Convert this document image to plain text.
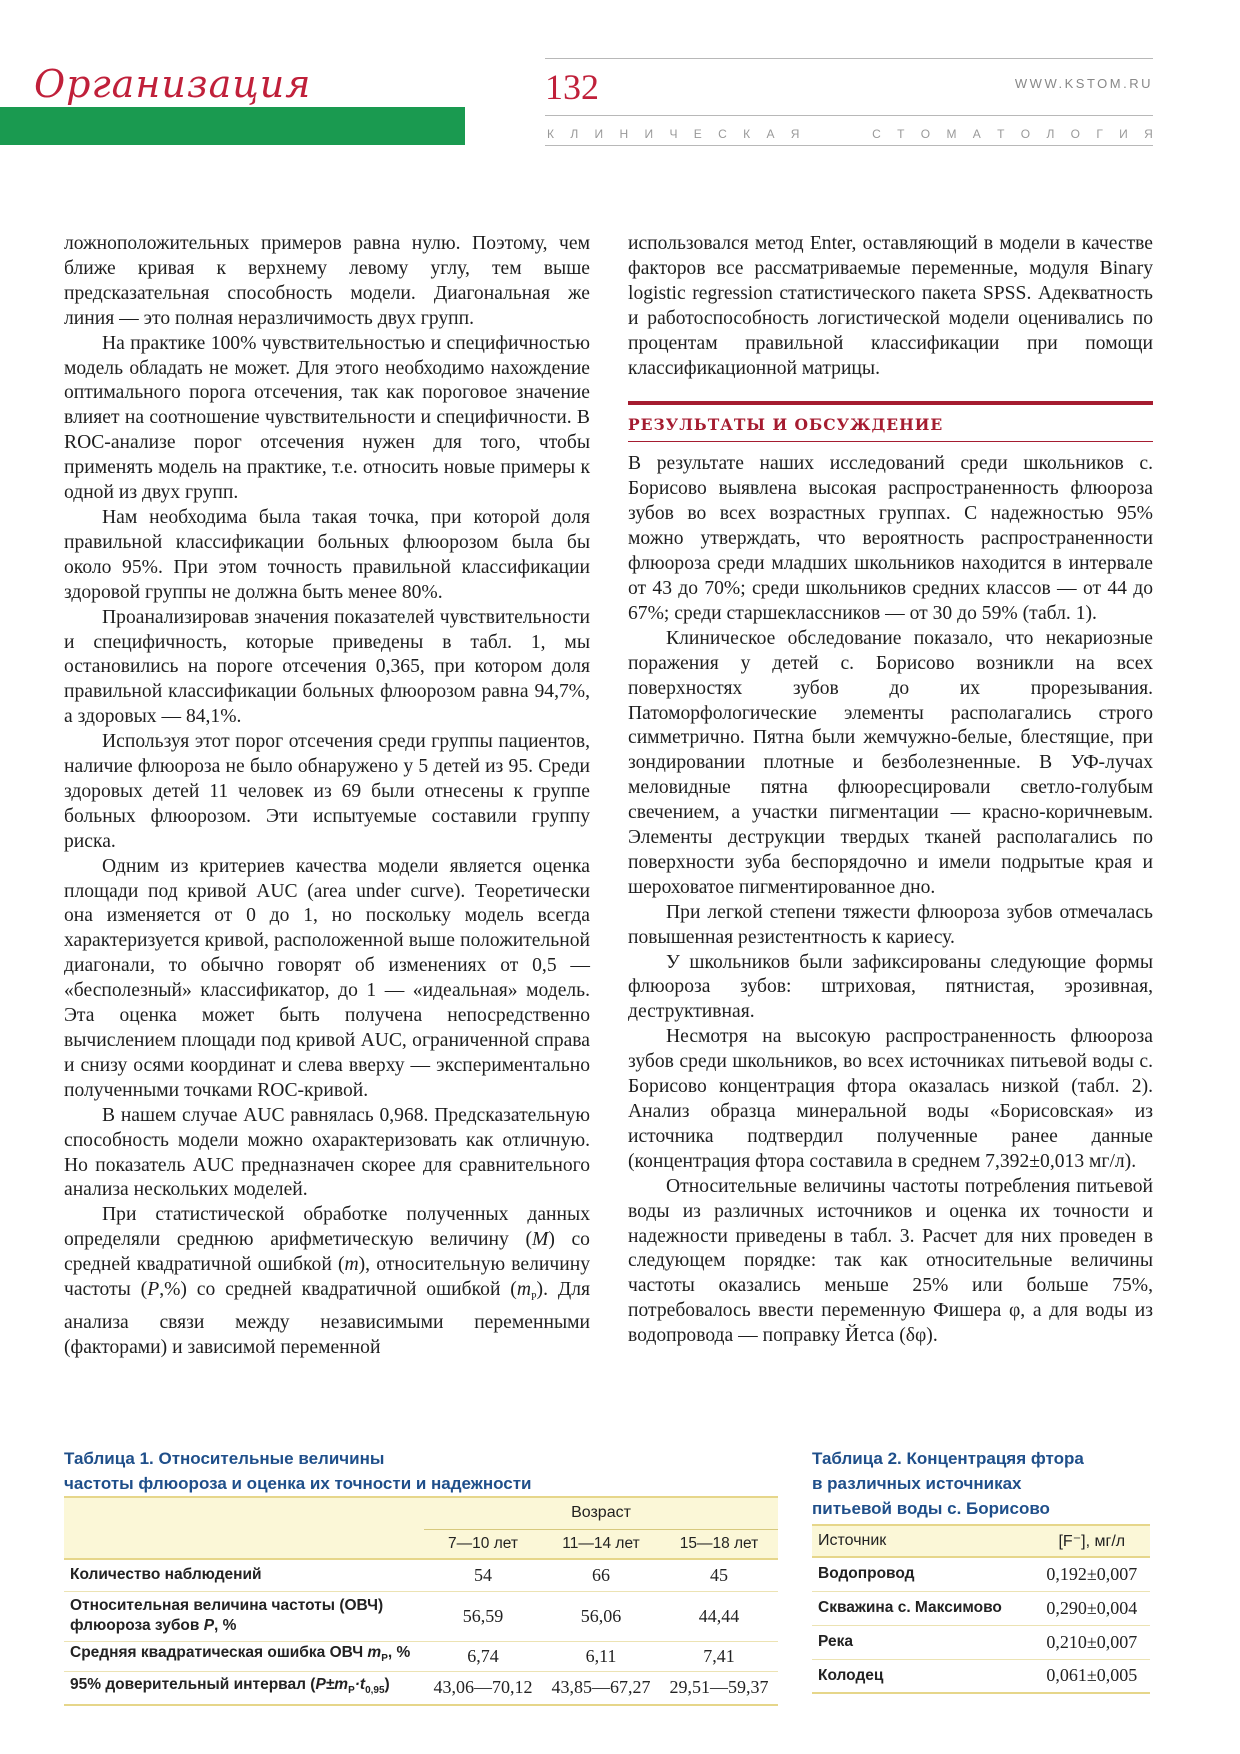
Организация	132	WWW.KSTOM.RU
К Л И Н И Ч Е С К А Я	С Т О М А Т О Л О Г И Я

ложноположительных примеров равна нулю. Поэтому, чем ближе кривая к верхнему левому углу, тем выше предсказательная способность модели. Диагональная же линия — это полная неразличимость двух групп.

На практике 100% чувствительностью и специфичностью модель обладать не может. Для этого необходимо нахождение оптимального порога отсечения, так как пороговое значение влияет на соотношение чувствительности и специфичности. В ROC-анализе порог отсечения нужен для того, чтобы применять модель на практике, т.е. относить новые примеры к одной из двух групп.

Нам необходима была такая точка, при которой доля правильной классификации больных флюорозом была бы около 95%. При этом точность правильной классификации здоровой группы не должна быть менее 80%.

Проанализировав значения показателей чувствительности и специфичность, которые приведены в табл. 1, мы остановились на пороге отсечения 0,365, при котором доля правильной классификации больных флюорозом равна 94,7%, а здоровых — 84,1%.

Используя этот порог отсечения среди группы пациентов, наличие флюороза не было обнаружено у 5 детей из 95. Среди здоровых детей 11 человек из 69 были отнесены к группе больных флюорозом. Эти испытуемые составили группу риска.

Одним из критериев качества модели является оценка площади под кривой AUC (area under curve). Теоретически она изменяется от 0 до 1, но поскольку модель всегда характеризуется кривой, расположенной выше положительной диагонали, то обычно говорят об изменениях от 0,5 — «бесполезный» классификатор, до 1 — «идеальная» модель. Эта оценка может быть получена непосредственно вычислением площади под кривой AUC, ограниченной справа и снизу осями координат и слева вверху — экспериментально полученными точками ROC-кривой.

В нашем случае AUC равнялась 0,968. Предсказательную способность модели можно охарактеризовать как отличную. Но показатель AUC предназначен скорее для сравнительного анализа нескольких моделей.

При статистической обработке полученных данных определяли среднюю арифметическую величину (M) со средней квадратичной ошибкой (m), относительную величину частоты (P,%) со средней квадратичной ошибкой $(m_P)$. Для анализа связи между независимыми переменными (факторами) и зависимой переменной

использовался метод Enter, оставляющий в модели в качестве факторов все рассматриваемые переменные, модуля Binary logistic regression статистического пакета SPSS. Адекватность и работоспособность логистической модели оценивались по процентам правильной классификации при помощи классификационной матрицы.

РЕЗУЛЬТАТЫ И ОБСУЖДЕНИЕ

В результате наших исследований среди школьников с. Борисово выявлена высокая распространенность флюороза зубов во всех возрастных группах. С надежностью 95% можно утверждать, что вероятность распространенности флюороза среди младших школьников находится в интервале от 43 до 70%; среди школьников средних классов — от 44 до 67%; среди старшеклассников — от 30 до 59% (табл. 1).

Клиническое обследование показало, что некариозные поражения у детей с. Борисово возникли на всех поверхностях зубов до их прорезывания. Патоморфологические элементы располагались строго симметрично. Пятна были жемчужно-белые, блестящие, при зондировании плотные и безболезненные. В УФ-лучах меловидные пятна флюоресцировали светло-голубым свечением, а участки пигментации — красно-коричневым. Элементы деструкции твердых тканей располагались по поверхности зуба беспорядочно и имели подрытые края и шероховатое пигментированное дно.

При легкой степени тяжести флюороза зубов отмечалась повышенная резистентность к кариесу.

У школьников были зафиксированы следующие формы флюороза зубов: штриховая, пятнистая, эрозивная, деструктивная.

Несмотря на высокую распространенность флюороза зубов среди школьников, во всех источниках питьевой воды с. Борисово концентрация фтора оказалась низкой (табл. 2). Анализ образца минеральной воды «Борисовская» из источника подтвердил полученные ранее данные (концентрация фтора составила в среднем 7,392±0,013 мг/л).

Относительные величины частоты потребления питьевой воды из различных источников и оценка их точности и надежности приведены в табл. 3. Расчет для них проведен в следующем порядке: так как относительные величины частоты оказались меньше 25% или больше 75%, потребовалось ввести переменную Фишера φ, а для воды из водопровода — поправку Йетса (δφ).

Таблица 1. Относительные величины
частоты флюороза и оценка их точности и надежности
	Возраст		
	7—10 лет	11—14 лет	15—18 лет
Количество наблюдений	54	66	45
Относительная величина частоты (ОВЧ) флюороза зубов P, %	56,59	56,06	44,44
Средняя квадратическая ошибка ОВЧ $m_P$, %	6,74	6,11	7,41
95% доверительный интервал $(P\pm m_P\cdot t_{0,95})$	43,06—70,12	43,85—67,27	29,51—59,37
Таблица 2. Концентрацяя фтора
в различных источниках
питьевой воды с. Борисово
Источник	[F⁻], мг/л
Водопровод	0,192±0,007
Скважина с. Максимово	0,290±0,004
Река	0,210±0,007
Колодец	0,061±0,005
